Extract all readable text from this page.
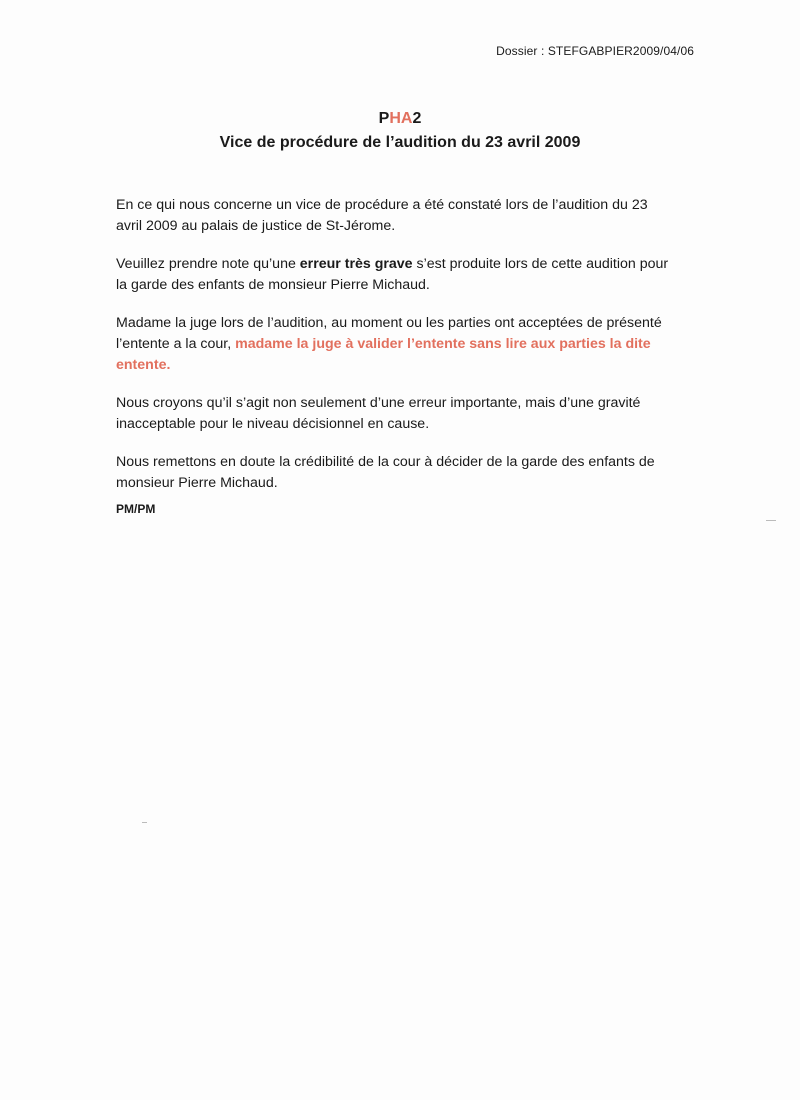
Dossier : STEFGABPIER2009/04/06
PHA2
Vice de procédure de l’audition du 23 avril 2009

En ce qui nous concerne un vice de procédure a été constaté lors de l’audition du 23 avril 2009 au palais de justice de St-Jérome.

Veuillez prendre note qu’une erreur très grave s’est produite lors de cette audition pour la garde des enfants de monsieur Pierre Michaud.

Madame la juge lors de l’audition, au moment ou les parties ont acceptées de présenté l’entente a la cour, madame la juge à valider l’entente sans lire aux parties la dite entente.

Nous croyons qu’il s’agit non seulement d’une erreur importante, mais d’une gravité inacceptable pour le niveau décisionnel en cause.

Nous remettons en doute la crédibilité de la cour à décider de la garde des enfants de monsieur Pierre Michaud.

PM/PM
